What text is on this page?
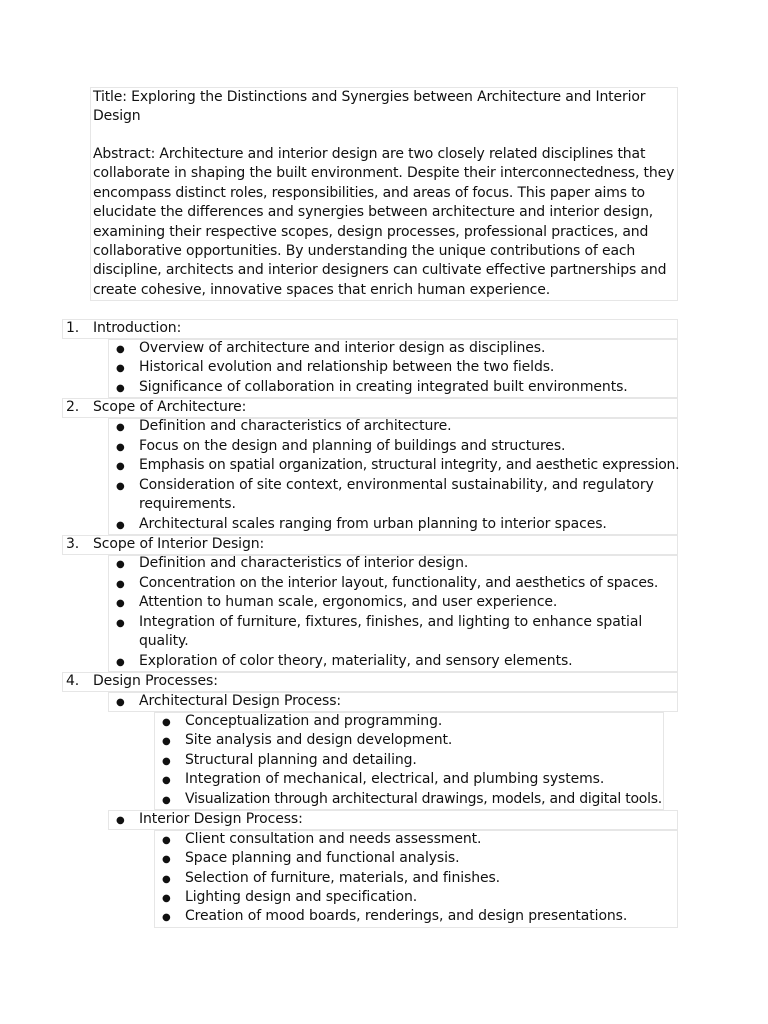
Title: Exploring the Distinctions and Synergies between Architecture and Interior
Design
Abstract: Architecture and interior design are two closely related disciplines that
collaborate in shaping the built environment. Despite their interconnectedness, they
encompass distinct roles, responsibilities, and areas of focus. This paper aims to
elucidate the differences and synergies between architecture and interior design,
examining their respective scopes, design processes, professional practices, and
collaborative opportunities. By understanding the unique contributions of each
discipline, architects and interior designers can cultivate effective partnerships and
create cohesive, innovative spaces that enrich human experience.
1. Introduction:
● Overview of architecture and interior design as disciplines.
● Historical evolution and relationship between the two fields.
● Significance of collaboration in creating integrated built environments.
2. Scope of Architecture:
● Definition and characteristics of architecture.
● Focus on the design and planning of buildings and structures.
● Emphasis on spatial organization, structural integrity, and aesthetic expression.
● Consideration of site context, environmental sustainability, and regulatory
requirements.
● Architectural scales ranging from urban planning to interior spaces.
3. Scope of Interior Design:
● Definition and characteristics of interior design.
● Concentration on the interior layout, functionality, and aesthetics of spaces.
● Attention to human scale, ergonomics, and user experience.
● Integration of furniture, fixtures, finishes, and lighting to enhance spatial
quality.
● Exploration of color theory, materiality, and sensory elements.
4. Design Processes:
● Architectural Design Process:
● Conceptualization and programming.
● Site analysis and design development.
● Structural planning and detailing.
● Integration of mechanical, electrical, and plumbing systems.
● Visualization through architectural drawings, models, and digital tools.
● Interior Design Process:
● Client consultation and needs assessment.
● Space planning and functional analysis.
● Selection of furniture, materials, and finishes.
● Lighting design and specification.
● Creation of mood boards, renderings, and design presentations.
